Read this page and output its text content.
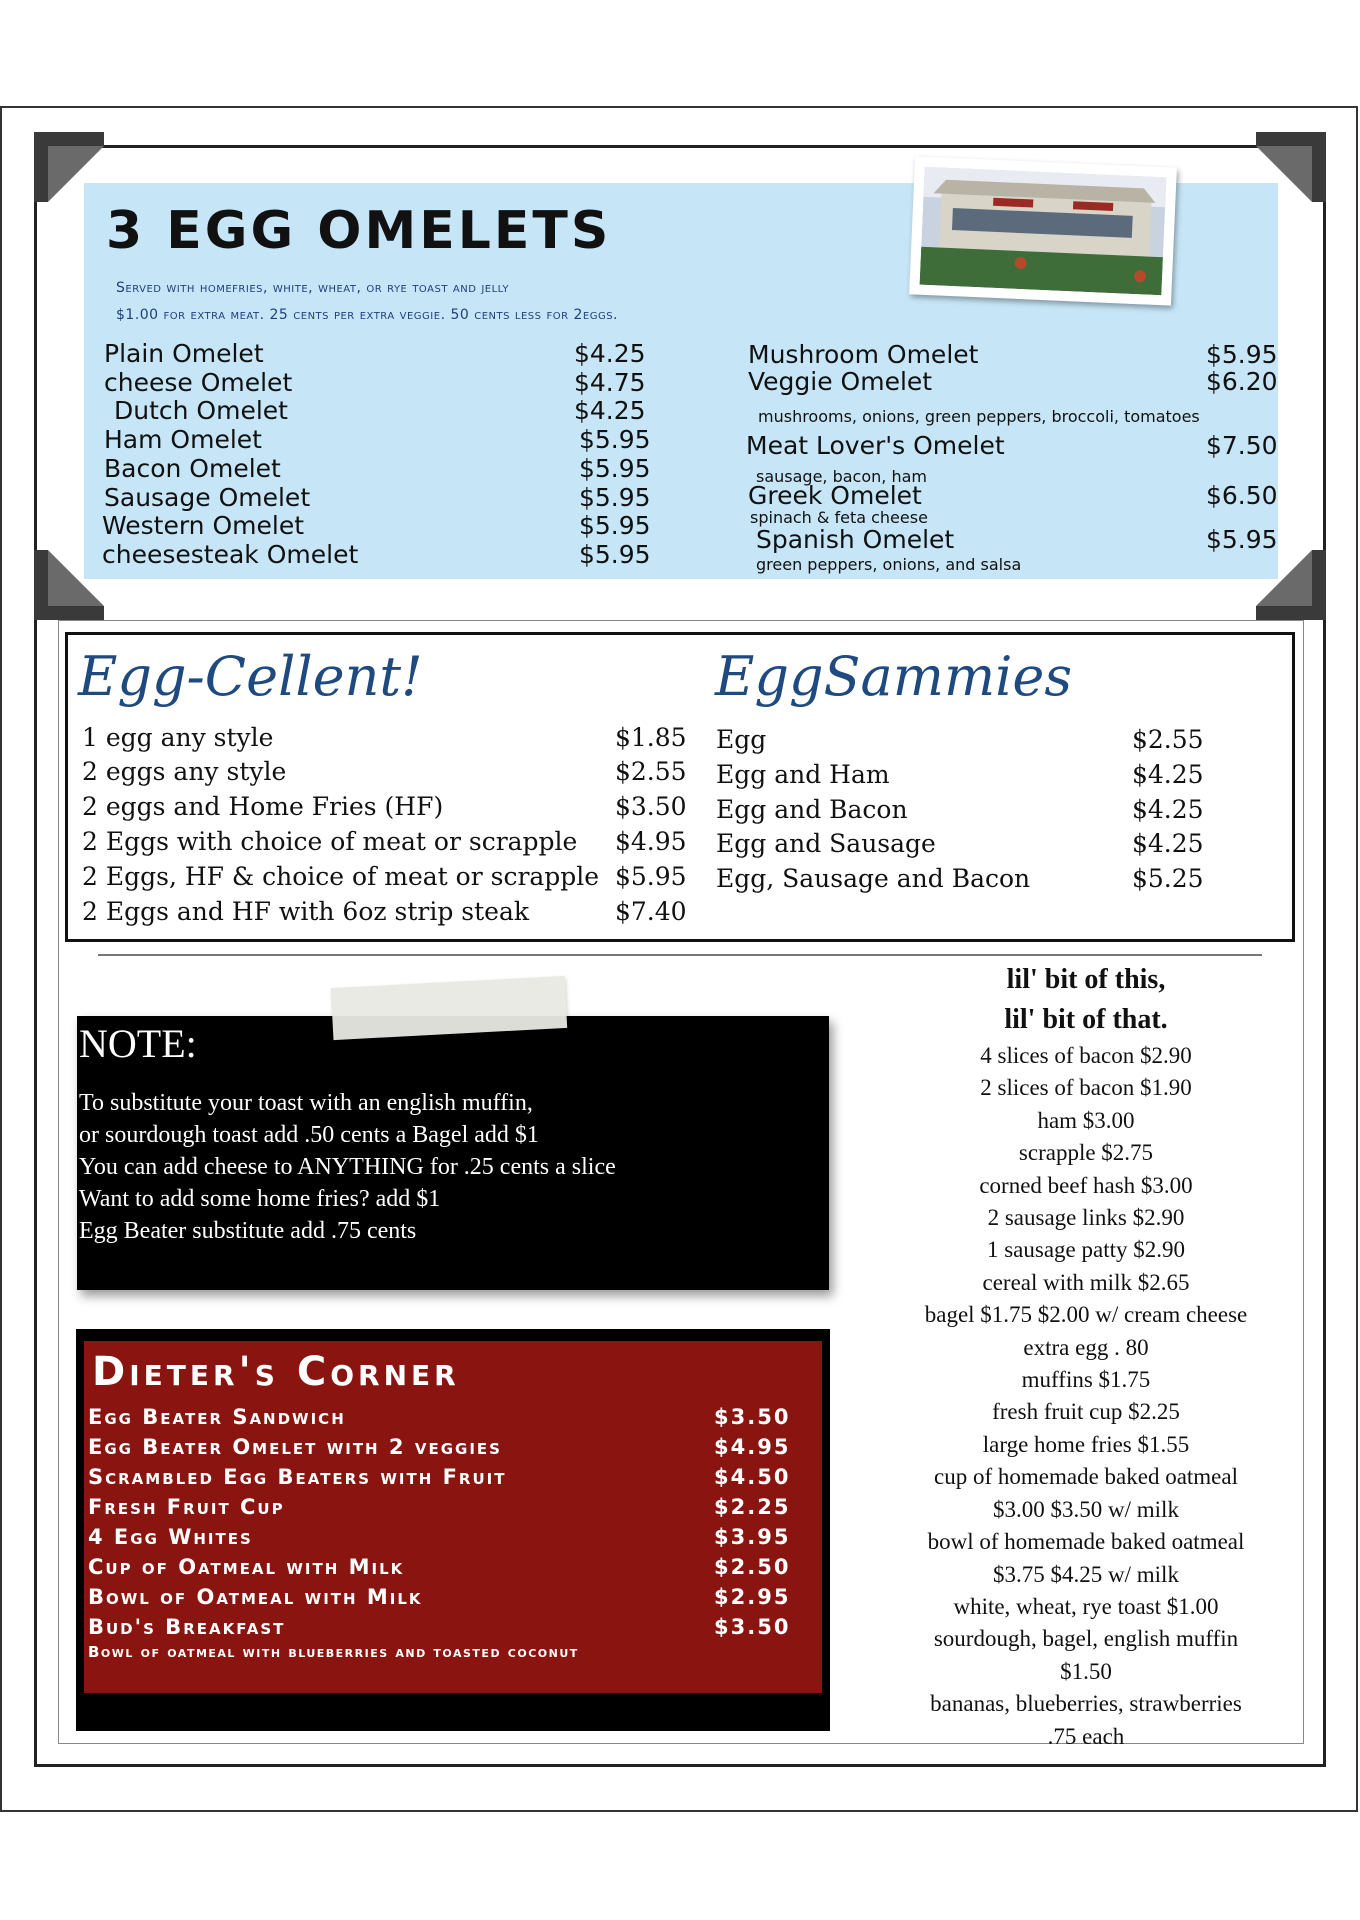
3 EGG OMELETS
Served with homefries, white, wheat, or rye toast and jelly
$1.00 for extra meat. 25 cents per extra veggie. 50 cents less for 2eggs.
Plain Omelet	$4.25
cheese Omelet	$4.75
Dutch Omelet	$4.25
Ham Omelet	$5.95
Bacon Omelet	$5.95
Sausage Omelet	$5.95
Western Omelet	$5.95
cheesesteak Omelet	$5.95
Mushroom Omelet	$5.95
Veggie Omelet	$6.20
mushrooms, onions, green peppers, broccoli, tomatoes
Meat Lover's Omelet	$7.50
sausage, bacon, ham
Greek Omelet	$6.50
spinach & feta cheese
Spanish Omelet	$5.95
green peppers, onions, and salsa
Egg-Cellent!	EggSammies
1 egg any style	$1.85
2 eggs any style	$2.55
2 eggs and Home Fries (HF)	$3.50
2 Eggs with choice of meat or scrapple $4.95
2 Eggs, HF & choice of meat or scrapple $5.95
2 Eggs and HF with 6oz strip steak	$7.40
Egg	$2.55
Egg and Ham	$4.25
Egg and Bacon	$4.25
Egg and Sausage	$4.25
Egg, Sausage and Bacon	$5.25
NOTE:
To substitute your toast with an english muffin,
or sourdough toast add .50 cents a Bagel add $1
You can add cheese to ANYTHING for .25 cents a slice
Want to add some home fries? add $1
Egg Beater substitute add .75 cents
Dieter's Corner
Egg Beater Sandwich	$3.50
Egg Beater Omelet with 2 veggies	$4.95
Scrambled Egg Beaters with Fruit	$4.50
Fresh Fruit Cup	$2.25
4 Egg Whites	$3.95
Cup of Oatmeal with Milk	$2.50
Bowl of Oatmeal with Milk	$2.95
Bud's Breakfast	$3.50
Bowl of oatmeal with blueberries and toasted coconut
lil' bit of this,
lil' bit of that.
4 slices of bacon $2.90
2 slices of bacon $1.90
ham $3.00
scrapple $2.75
corned beef hash $3.00
2 sausage links $2.90
1 sausage patty $2.90
cereal with milk $2.65
bagel $1.75 $2.00 w/ cream cheese
extra egg . 80
muffins $1.75
fresh fruit cup $2.25
large home fries $1.55
cup of homemade baked oatmeal
$3.00 $3.50 w/ milk
bowl of homemade baked oatmeal
$3.75 $4.25 w/ milk
white, wheat, rye toast $1.00
sourdough, bagel, english muffin
$1.50
bananas, blueberries, strawberries
.75 each
